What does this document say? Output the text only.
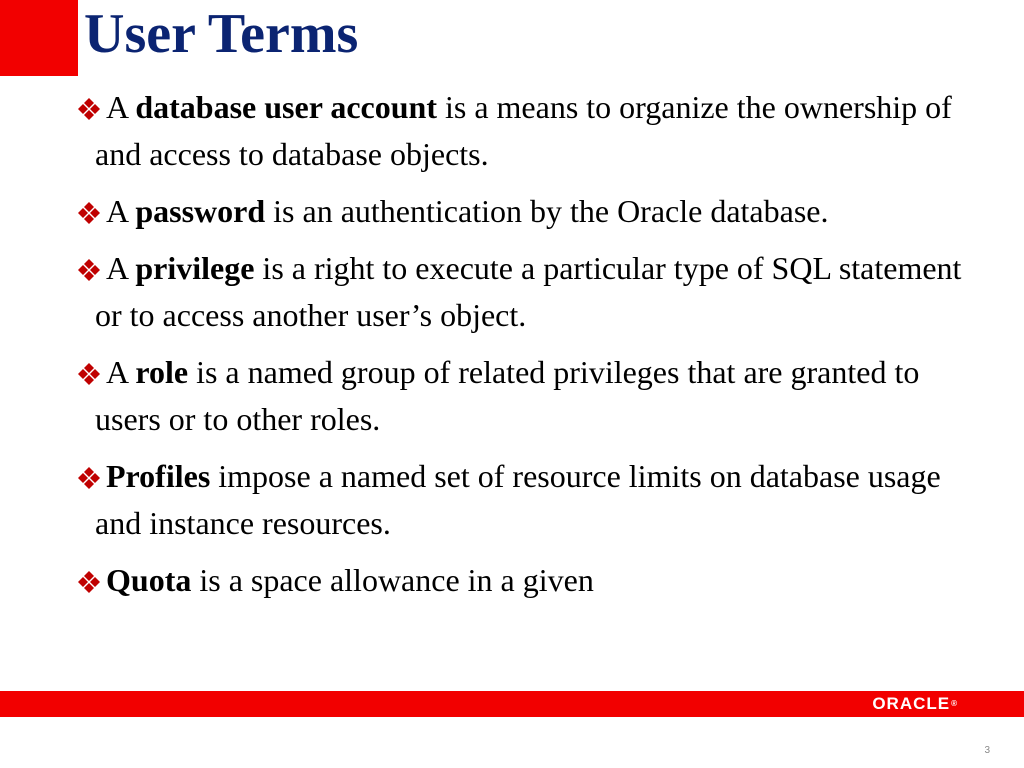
User Terms
A database user account is a means to organize the ownership of and access to database objects.
A password is an authentication by the Oracle database.
A privilege is a right to execute a particular type of SQL statement or to access another user’s object.
A role is a named group of related privileges that are granted to users or to other roles.
Profiles impose a named set of resource limits on database usage and instance resources.
Quota is a space allowance in a given
ORACLE®
3
